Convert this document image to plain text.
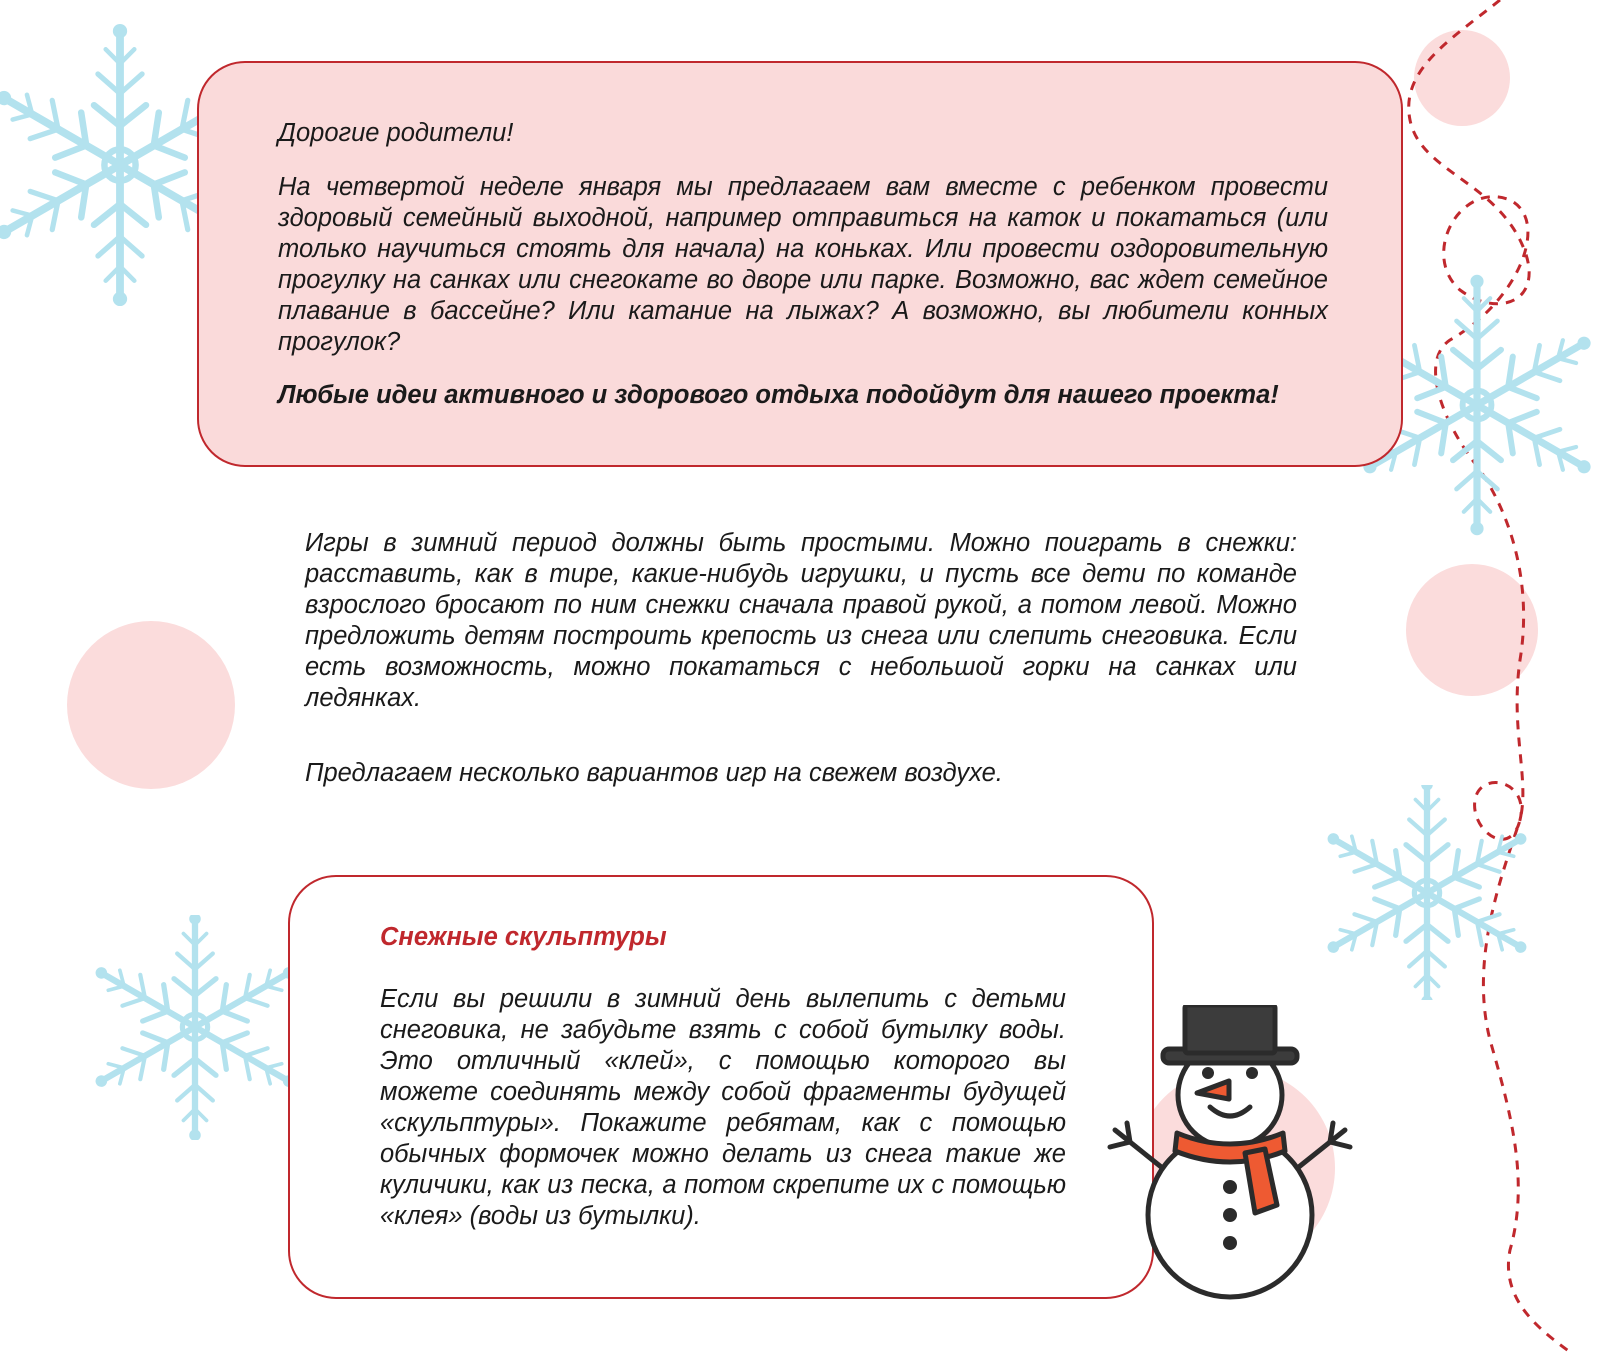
Дорогие родители!

На четвертой неделе января мы предлагаем вам вместе с ребенком провести здоровый семейный выходной, например отправиться на каток и покататься (или только научиться стоять для начала) на коньках. Или провести оздоровительную прогулку на санках или снегокате во дворе или парке. Возможно, вас ждет семейное плавание в бассейне? Или катание на лыжах? А возможно, вы любители конных прогулок?

Любые идеи активного и здорового отдыха подойдут для нашего проекта!

Игры в зимний период должны быть простыми. Можно поиграть в снежки: расставить, как в тире, какие-нибудь игрушки, и пусть все дети по команде взрослого бросают по ним снежки сначала правой рукой, а потом левой. Можно предложить детям построить крепость из снега или слепить снеговика. Если есть возможность, можно покататься с небольшой горки на санках или ледянках.

Предлагаем несколько вариантов игр на свежем воздухе.

Снежные скульптуры

Если вы решили в зимний день вылепить с детьми снеговика, не забудьте взять с собой бутылку воды. Это отличный «клей», с помощью которого вы можете соединять между собой фрагменты будущей «скульптуры». Покажите ребятам, как с помощью обычных формочек можно делать из снега такие же куличики, как из песка, а потом скрепите их с помощью «клея» (воды из бутылки).
